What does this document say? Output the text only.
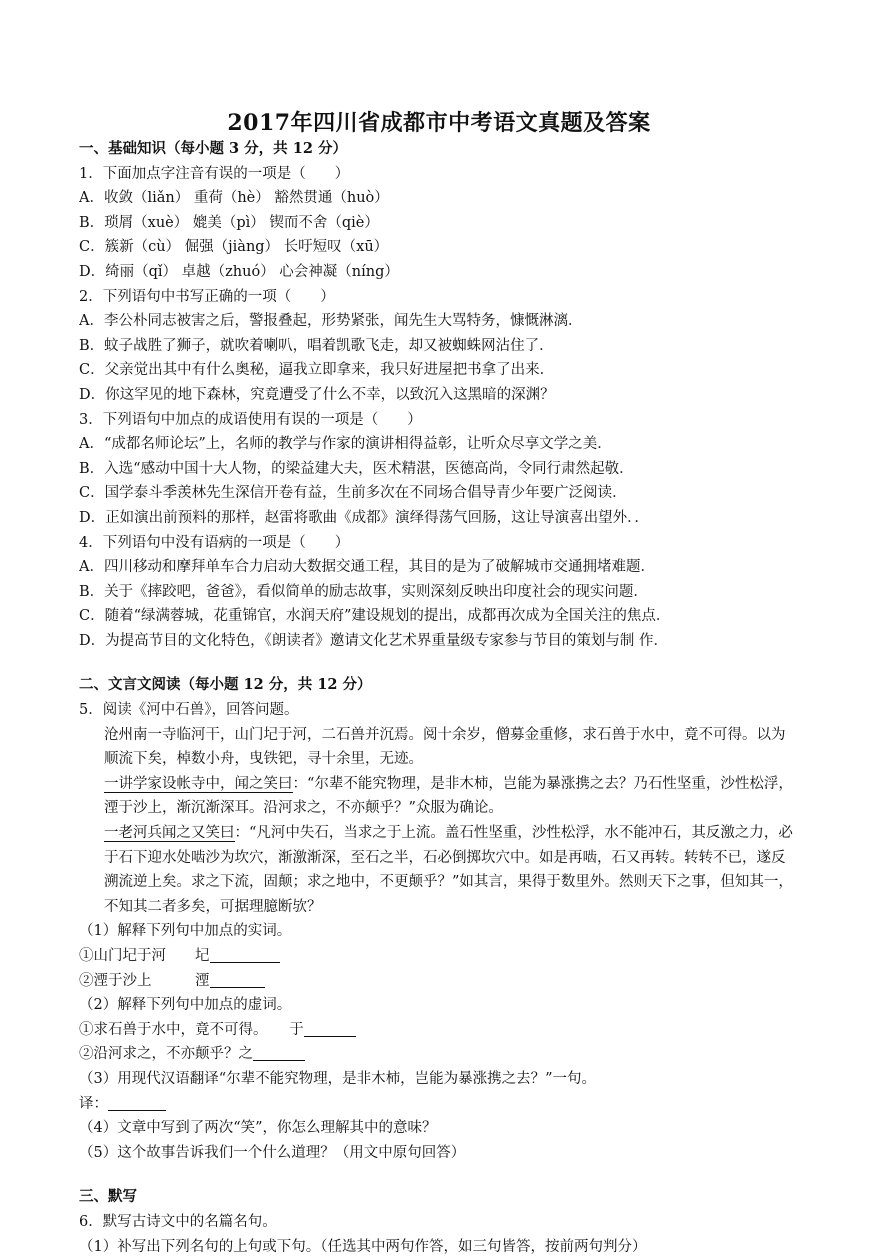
2017年四川省成都市中考语文真题及答案
一、基础知识（每小题 3 分，共 12 分）
1．下面加点字注音有误的一项是（　　）
A．收敛（liǎn） 重荷（hè） 豁然贯通（huò）
B．琐屑（xuè） 媲美（pì） 锲而不舍（qiè）
C．簇新（cù） 倔强（jiàng） 长吁短叹（xū）
D．绮丽（qǐ） 卓越（zhuó） 心会神凝（níng）
2．下列语句中书写正确的一项（　　）
A．李公朴同志被害之后，警报叠起，形势紧张，闻先生大骂特务，慷慨淋漓．
B．蚊子战胜了狮子，就吹着喇叭，唱着凯歌飞走，却又被蜘蛛网沾住了．
C．父亲觉出其中有什么奥秘，逼我立即拿来，我只好进屋把书拿了出来．
D．你这罕见的地下森林，究竟遭受了什么不幸，以致沉入这黑暗的深渊？
3．下列语句中加点的成语使用有误的一项是（　　）
A．“成都名师论坛”上，名师的教学与作家的演讲相得益彰，让听众尽享文学之美．
B．入选“感动中国十大人物，的梁益建大夫，医术精湛，医德高尚，令同行肃然起敬．
C．国学泰斗季羡林先生深信开卷有益，生前多次在不同场合倡导青少年要广泛阅读．
D．正如演出前预料的那样，赵雷将歌曲《成都》演绎得荡气回肠，这让导演喜出望外．．
4．下列语句中没有语病的一项是（　　）
A．四川移动和摩拜单车合力启动大数据交通工程，其目的是为了破解城市交通拥堵难题．
B．关于《摔跤吧，爸爸》，看似简单的励志故事，实则深刻反映出印度社会的现实问题．
C．随着“绿满蓉城，花重锦官，水润天府”建设规划的提出，成都再次成为全国关注的焦点．
D．为提高节目的文化特色，《朗读者》邀请文化艺术界重量级专家参与节目的策划与制 作．
二、文言文阅读（每小题 12 分，共 12 分）
5．阅读《河中石兽》，回答问题。
沧州南一寺临河干，山门圮于河，二石兽并沉焉。阅十余岁，僧募金重修，求石兽于水中，竟不可得。以为顺流下矣，棹数小舟，曳铁钯，寻十余里，无迹。
一讲学家设帐寺中，闻之笑曰：“尔辈不能究物理，是非木柿，岂能为暴涨携之去？乃石性坚重，沙性松浮，湮于沙上，渐沉渐深耳。沿河求之，不亦颠乎？”众服为确论。
一老河兵闻之又笑曰：“凡河中失石，当求之于上流。盖石性坚重，沙性松浮，水不能冲石，其反激之力，必于石下迎水处啮沙为坎穴，渐激渐深，至石之半，石必倒掷坎穴中。如是再啮，石又再转。转转不已，遂反溯流逆上矣。求之下流，固颠；求之地中，不更颠乎？”如其言，果得于数里外。然则天下之事，但知其一，不知其二者多矣，可据理臆断欤？
（1）解释下列句中加点的实词。
①山门圮于河　　圮
②湮于沙上　　　湮
（2）解释下列句中加点的虚词。
①求石兽于水中，竟不可得。　　于
②沿河求之，不亦颠乎？之
（3）用现代汉语翻译“尔辈不能究物理，是非木柿，岂能为暴涨携之去？”一句。
译：
（4）文章中写到了两次“笑”，你怎么理解其中的意味？
（5）这个故事告诉我们一个什么道理？（用文中原句回答）
三、默写
6．默写古诗文中的名篇名句。
（1）补写出下列名句的上句或下句。（任选其中两句作答，如三句皆答，按前两句判分）
